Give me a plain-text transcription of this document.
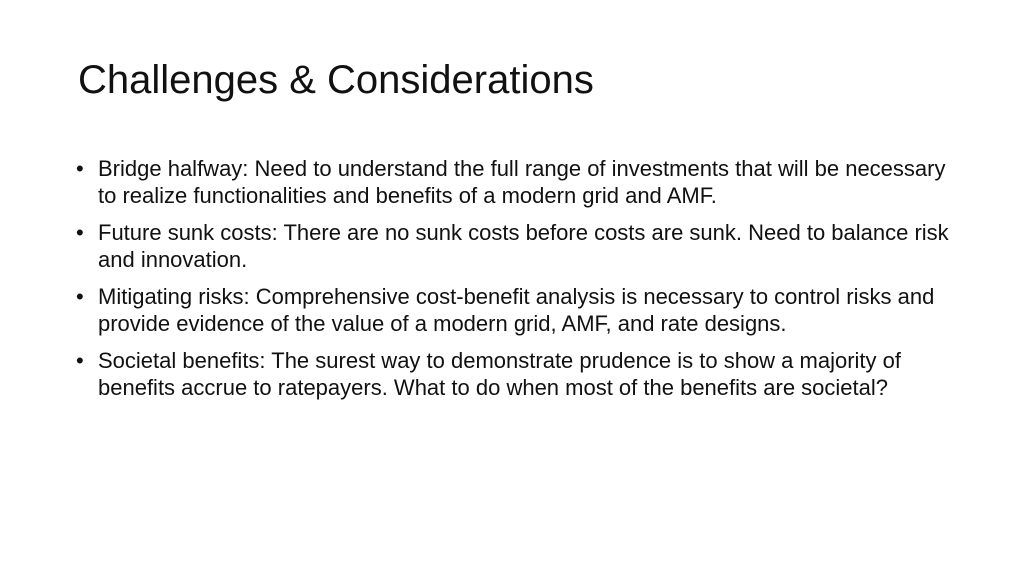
Challenges & Considerations
• Bridge halfway: Need to understand the full range of investments that will be necessary to realize functionalities and benefits of a modern grid and AMF.
• Future sunk costs: There are no sunk costs before costs are sunk. Need to balance risk and innovation.
• Mitigating risks: Comprehensive cost-benefit analysis is necessary to control risks and provide evidence of the value of a modern grid, AMF, and rate designs.
• Societal benefits: The surest way to demonstrate prudence is to show a majority of benefits accrue to ratepayers. What to do when most of the benefits are societal?
